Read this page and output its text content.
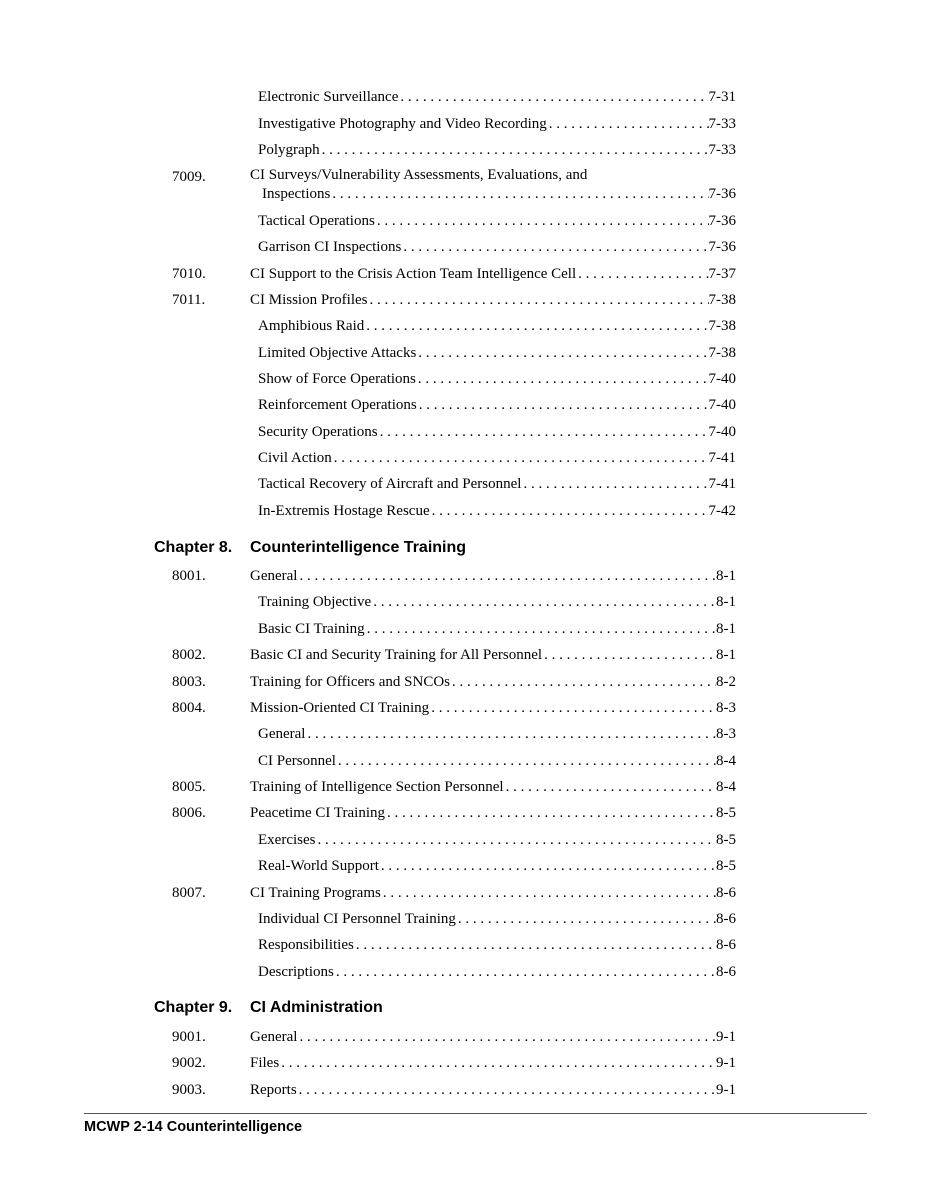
Electronic Surveillance . . .	7-31
Investigative Photography and Video Recording . . .	7-33
Polygraph . . .	7-33
7009.	CI Surveys/Vulnerability Assessments, Evaluations, and
Inspections . . .	7-36
Tactical Operations . . .	7-36
Garrison CI Inspections . . .	7-36
7010.	CI Support to the Crisis Action Team Intelligence Cell . . .	7-37
7011.	CI Mission Profiles . . .	7-38
Amphibious Raid . . .	7-38
Limited Objective Attacks . . .	7-38
Show of Force Operations . . .	7-40
Reinforcement Operations . . .	7-40
Security Operations . . .	7-40
Civil Action . . .	7-41
Tactical Recovery of Aircraft and Personnel . . .	7-41
In-Extremis Hostage Rescue . . .	7-42
Chapter 8. Counterintelligence Training
8001.	General . . .	8-1
Training Objective . . .	8-1
Basic CI Training . . .	8-1
8002.	Basic CI and Security Training for All Personnel . . .	8-1
8003.	Training for Officers and SNCOs . . .	8-2
8004.	Mission-Oriented CI Training . . .	8-3
General . . .	8-3
CI Personnel . . .	8-4
8005.	Training of Intelligence Section Personnel . . .	8-4
8006.	Peacetime CI Training . . .	8-5
Exercises . . .	8-5
Real-World Support . . .	8-5
8007.	CI Training Programs . . .	8-6
Individual CI Personnel Training . . .	8-6
Responsibilities . . .	8-6
Descriptions . . .	8-6
Chapter 9. CI Administration
9001.	General . . .	9-1
9002.	Files . . .	9-1
9003.	Reports . . .	9-1
MCWP 2-14 Counterintelligence
